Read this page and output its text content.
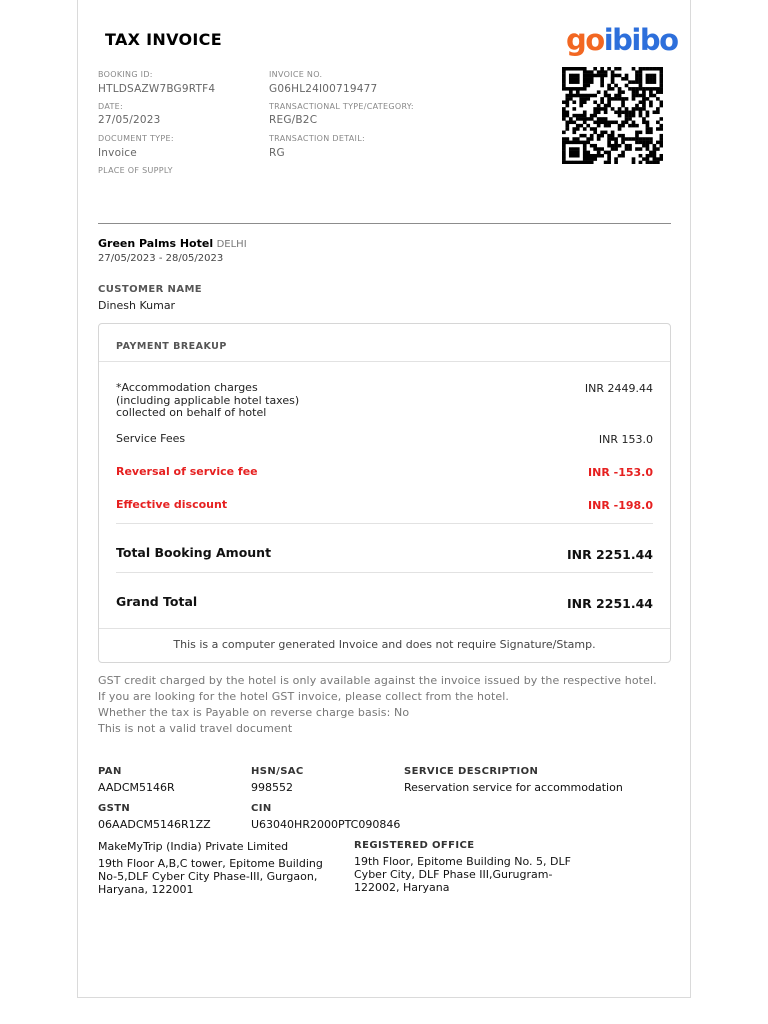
TAX INVOICE	goibibo
BOOKING ID:
HTLDSAZW7BG9RTF4
INVOICE NO.
G06HL24I00719477
DATE:
27/05/2023
TRANSACTIONAL TYPE/CATEGORY:
REG/B2C
DOCUMENT TYPE:
Invoice
TRANSACTION DETAIL:
RG
PLACE OF SUPPLY
Green Palms Hotel DELHI
27/05/2023 - 28/05/2023
CUSTOMER NAME
Dinesh Kumar
PAYMENT BREAKUP
*Accommodation charges
(including applicable hotel taxes)
collected on behalf of hotel
INR 2449.44
Service Fees	INR 153.0
Reversal of service fee	INR -153.0
Effective discount	INR -198.0
Total Booking Amount	INR 2251.44
Grand Total	INR 2251.44
This is a computer generated Invoice and does not require Signature/Stamp.
GST credit charged by the hotel is only available against the invoice issued by the respective hotel.
If you are looking for the hotel GST invoice, please collect from the hotel.
Whether the tax is Payable on reverse charge basis: No
This is not a valid travel document
PAN
AADCM5146R
HSN/SAC
998552
SERVICE DESCRIPTION
Reservation service for accommodation
GSTN
06AADCM5146R1ZZ
CIN
U63040HR2000PTC090846
MakeMyTrip (India) Private Limited
19th Floor A,B,C tower, Epitome Building No-5,DLF Cyber City Phase-III, Gurgaon, Haryana, 122001
REGISTERED OFFICE
19th Floor, Epitome Building No. 5, DLF Cyber City, DLF Phase III,Gurugram-122002, Haryana
